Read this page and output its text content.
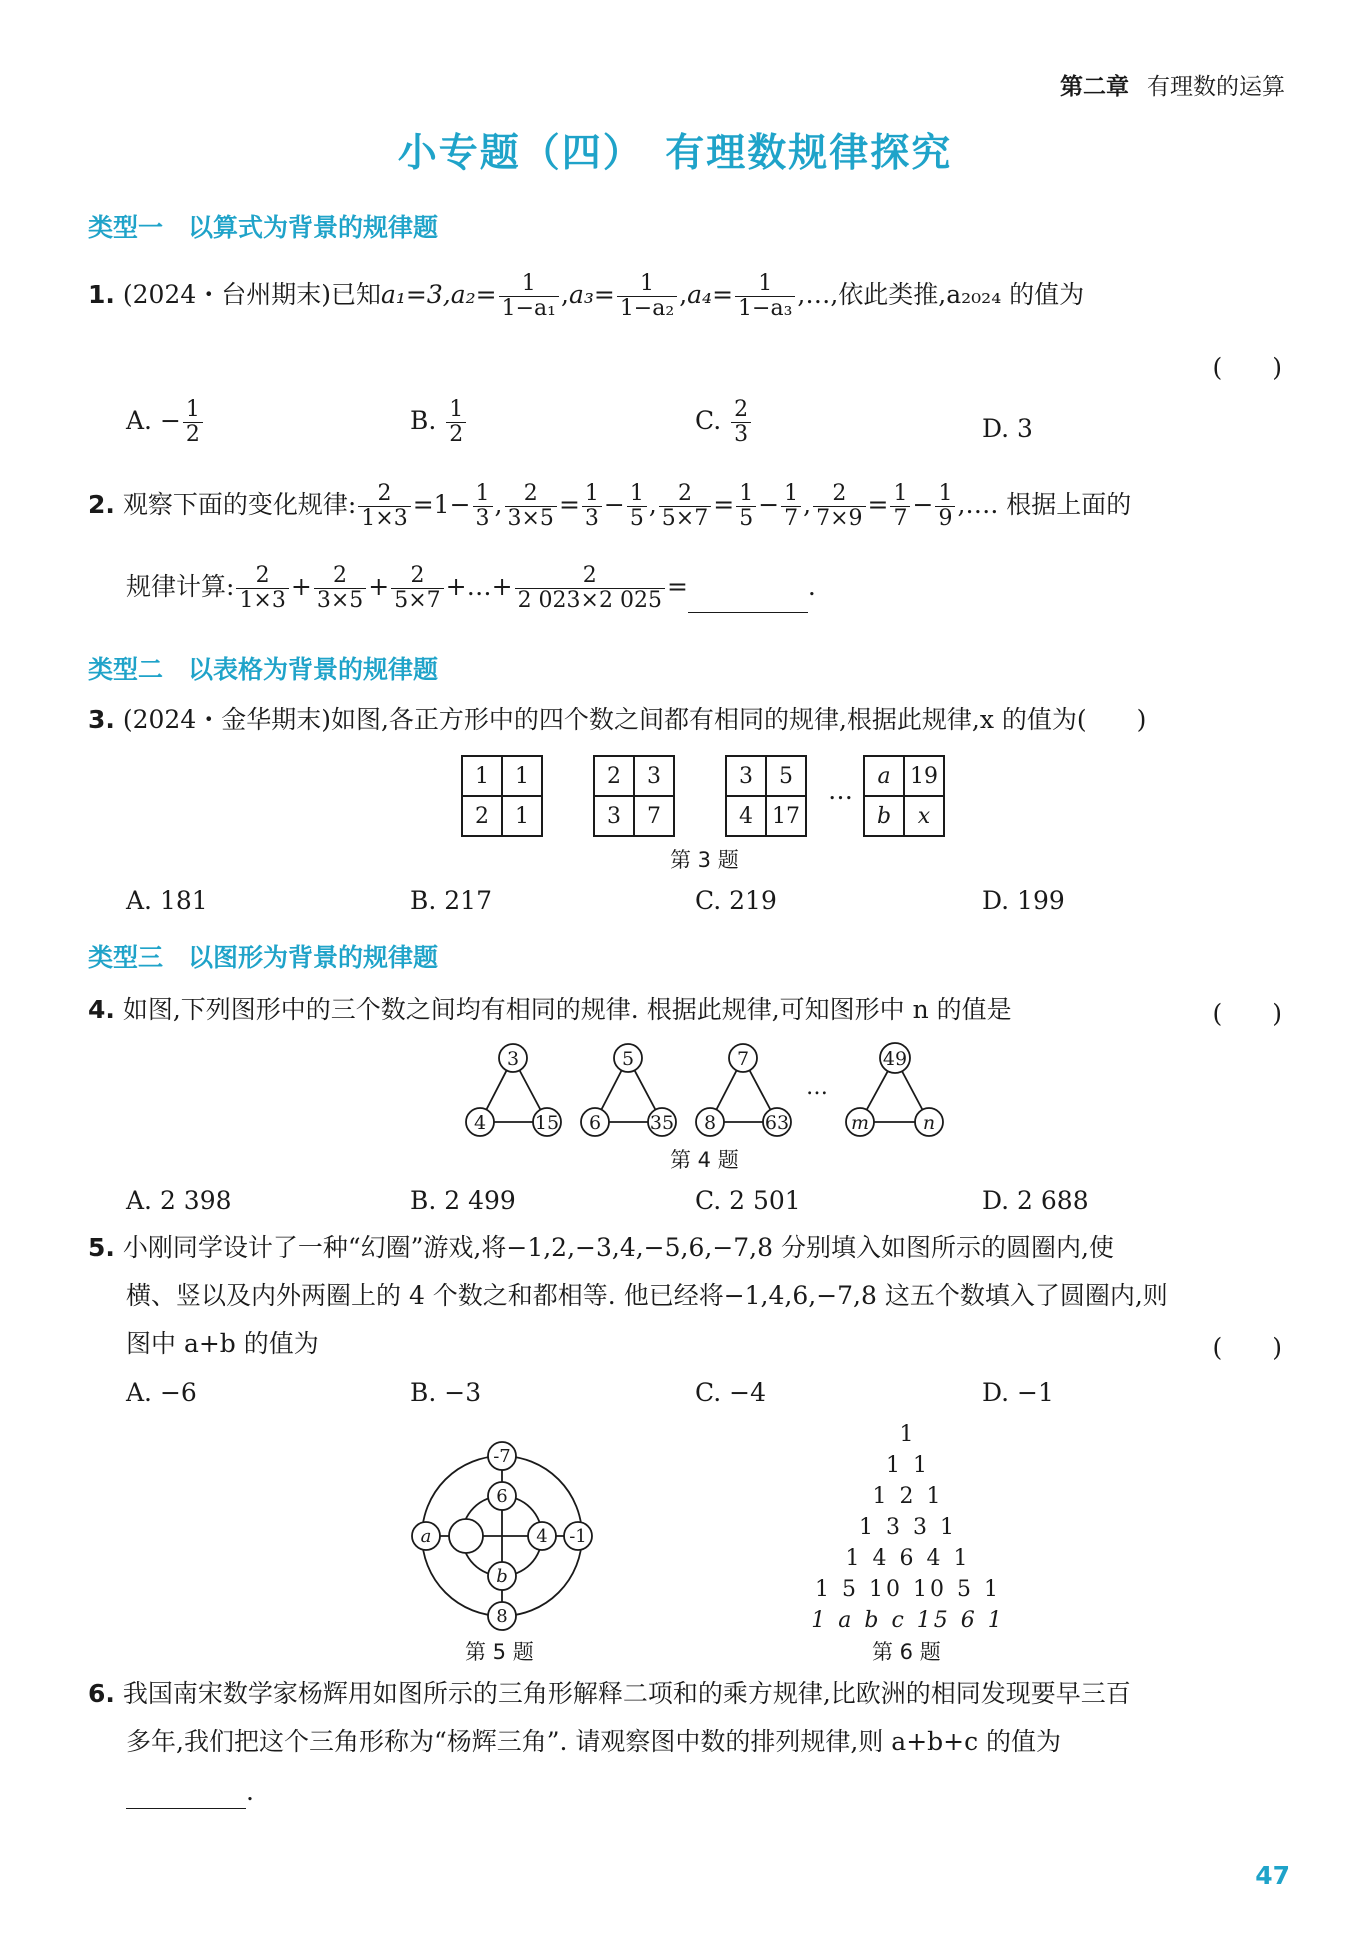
第二章 有理数的运算
小专题（四）　有理数规律探究
类型一　以算式为背景的规律题
1. (2024・台州期末)已知$a_1=3,a_2= \frac{1}{\text{1−a₁}} ,a_3= \frac{1}{\text{1−a₂}} ,a_4= \frac{1}{\text{1−a₃}}$ ,…,依此类推,a₂₀₂₄ 的值为
(　　)
A. − $\frac{1}{2}$	B. $\frac{1}{2}$	C. $\frac{2}{3}$	D. 3
2. 观察下面的变化规律: $\frac{2}{1\times 3} =1- \frac{1}{3}$ , $\frac{2}{3\times 5} = \frac{1}{3} - \frac{1}{5}$ , $\frac{2}{5\times 7} = \frac{1}{5} - \frac{1}{7}$ , $\frac{2}{7\times 9} = \frac{1}{7} - \frac{1}{9}$ ,…. 根据上面的
规律计算: $\frac{2}{1\times 3} + \frac{2}{3\times 5} + \frac{2}{5\times 7}$ +…+ $\frac{2}{2 023\times 2 025}$ =	.
类型二　以表格为背景的规律题
3. (2024・金华期末)如图,各正方形中的四个数之间都有相同的规律,根据此规律,x 的值为(　　)
1	1
2	1
2	3
3	7
3	5
4	17
… a	19
b	x
第 3 题
A. 181	B. 217	C. 219	D. 199
类型三　以图形为背景的规律题
4. 如图,下列图形中的三个数之间均有相同的规律. 根据此规律,可知图形中 n 的值是	(　　)
3
4	15
5
6	35
7
8	63
…
49
m	n
第 4 题
A. 2 398	B. 2 499	C. 2 501	D. 2 688
5. 小刚同学设计了一种“幻圈”游戏,将−1,2,−3,4,−5,6,−7,8 分别填入如图所示的圆圈内,使
横、竖以及内外两圈上的 4 个数之和都相等. 他已经将−1,4,6,−7,8 这五个数填入了圆圈内,则
图中 a+b 的值为	(　　)
A. −6	B. −3	C. −4	D. −1
-7
6
a	4 -1
b
8
第 5 题
1
1 1
1 2 1
1 3 3 1
1 4 6 4 1
1 5 10 10 5 1
1 a b c 15 6 1
第 6 题
6. 我国南宋数学家杨辉用如图所示的三角形解释二项和的乘方规律,比欧洲的相同发现要早三百
多年,我们把这个三角形称为“杨辉三角”. 请观察图中数的排列规律,则 a+b+c 的值为
.
47
